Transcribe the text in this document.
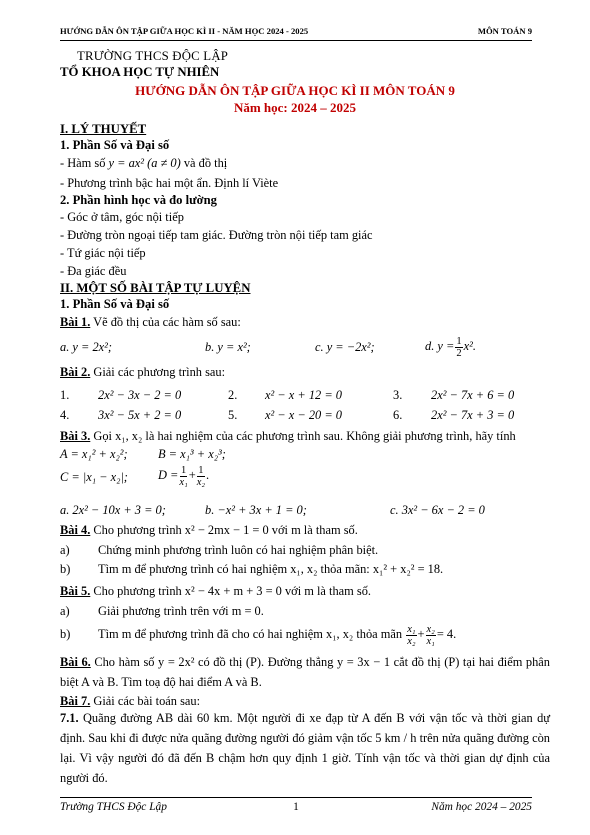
HƯỚNG DẪN ÔN TẬP GIỮA HỌC KÌ II - NĂM HỌC 2024 - 2025	MÔN TOÁN 9
TRƯỜNG THCS ĐỘC LẬP
TỔ KHOA HỌC TỰ NHIÊN
HƯỚNG DẪN ÔN TẬP GIỮA HỌC KÌ II MÔN TOÁN 9
Năm học: 2024 – 2025
I. LÝ THUYẾT
1. Phần Số và Đại số
- Hàm số y = ax² (a ≠ 0) và đồ thị
- Phương trình bậc hai một ẩn. Định lí Viète
2. Phần hình học và đo lường
- Góc ở tâm, góc nội tiếp
- Đường tròn ngoại tiếp tam giác. Đường tròn nội tiếp tam giác
- Tứ giác nội tiếp
- Đa giác đều
II. MỘT SỐ BÀI TẬP TỰ LUYỆN
1. Phần Số và Đại số
Bài 1. Vẽ đồ thị của các hàm số sau:
a. y = 2x²;	b. y = x²;	c. y = −2x²;	d. $y = \frac{1}{2} x^2$.
Bài 2. Giải các phương trình sau:
1. 2x² − 3x − 2 = 0	2. x² − x + 12 = 0	3. 2x² − 7x + 6 = 0
4. 3x² − 5x + 2 = 0	5. x² − x − 20 = 0	6. 2x² − 7x + 3 = 0
Bài 3. Gọi x₁, x₂ là hai nghiệm của các phương trình sau. Không giải phương trình, hãy tính
A = x₁² + x₂²; B = x₁³ + x₂³;
C = |x₁ − x₂|; $D = \frac{1}{\text{x₁}} + \frac{1}{\text{x₂}}$ .
a. 2x² − 10x + 3 = 0;	b. −x² + 3x + 1 = 0;	c. 3x² − 6x − 2 = 0
Bài 4. Cho phương trình x² − 2mx − 1 = 0 với m là tham số.
a) Chứng minh phương trình luôn có hai nghiệm phân biệt.
b) Tìm m để phương trình có hai nghiệm x₁, x₂ thỏa mãn: x₁² + x₂² = 18.
Bài 5. Cho phương trình x² − 4x + m + 3 = 0 với m là tham số.
a) Giải phương trình trên với m = 0.
b) Tìm m để phương trình đã cho có hai nghiệm x₁, x₂ thỏa mãn $\frac{\text{x₁}}{\text{x₂}} + \frac{\text{x₂}}{\text{x₁}} = 4$.
Bài 6. Cho hàm số y = 2x² có đồ thị (P). Đường thẳng y = 3x − 1 cắt đồ thị (P) tại hai điểm phân biệt A và B. Tìm toạ độ hai điểm A và B.
Bài 7. Giải các bài toán sau:
7.1. Quãng đường AB dài 60 km. Một người đi xe đạp từ A đến B với vận tốc và thời gian dự định. Sau khi đi được nửa quãng đường người đó giảm vận tốc 5 km / h trên nửa quãng đường còn lại. Vì vậy người đó đã đến B chậm hơn quy định 1 giờ. Tính vận tốc và thời gian dự định của người đó.
Trường THCS Độc Lập	1	Năm học 2024 – 2025
